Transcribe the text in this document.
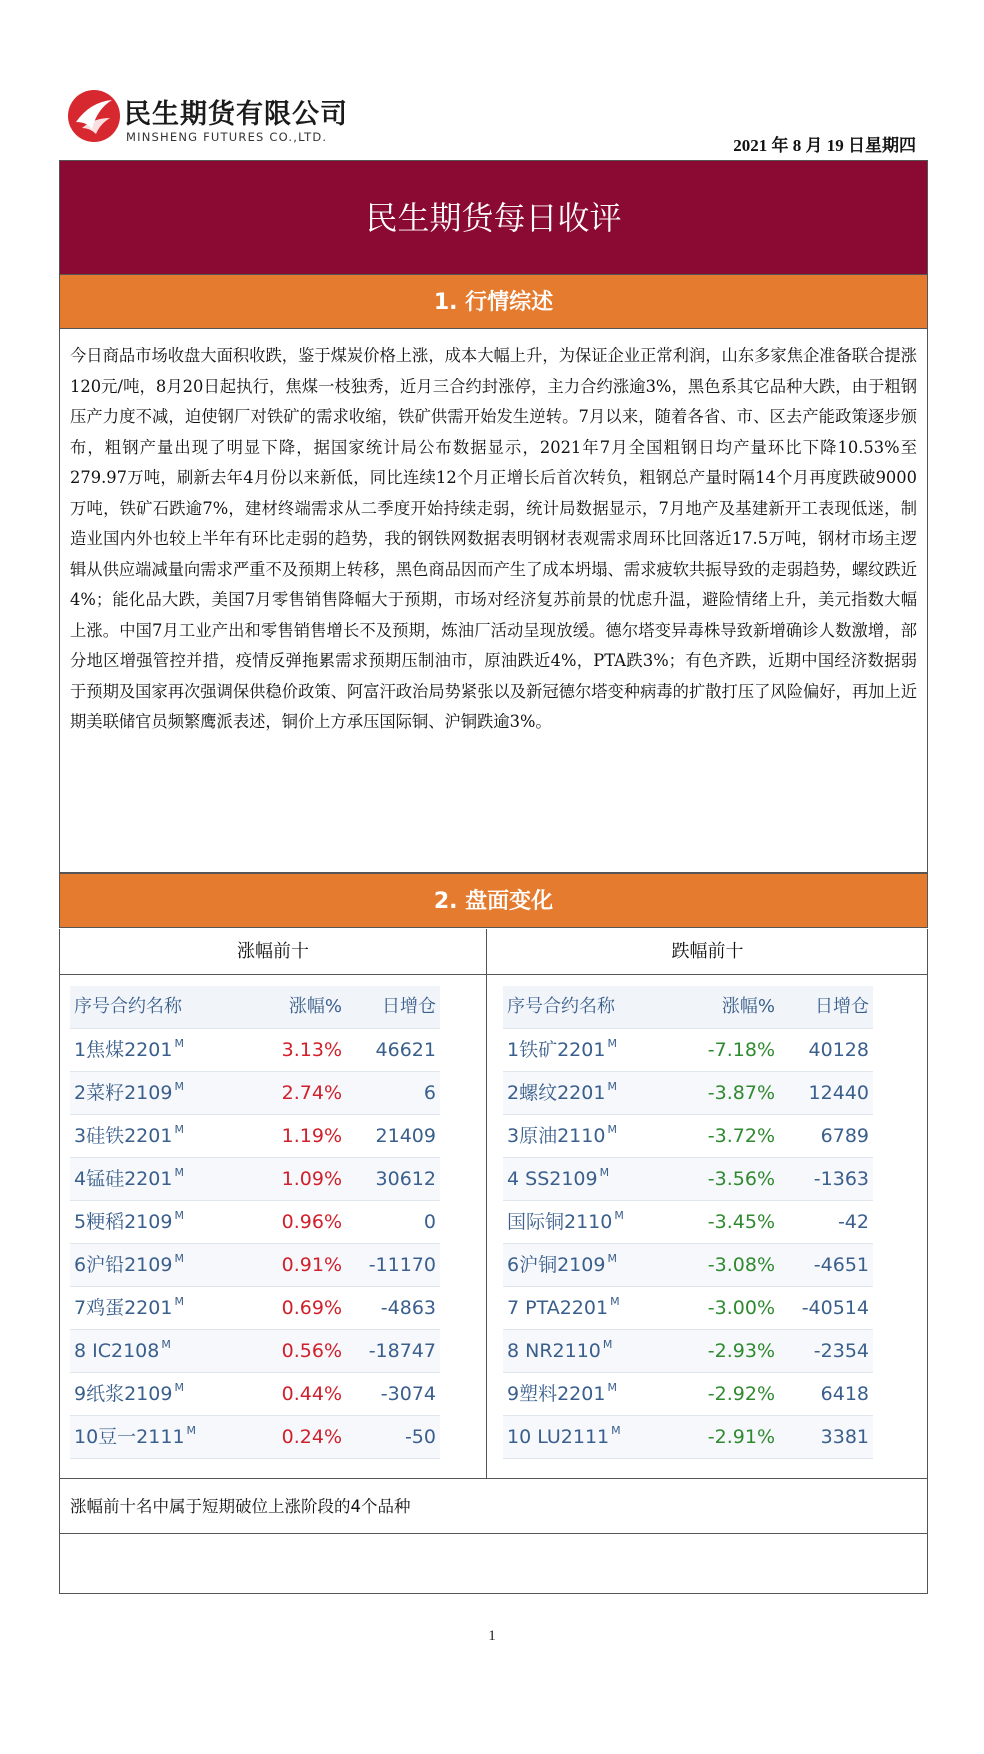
民生期货有限公司
MINSHENG FUTURES CO.,LTD.	2021 年 8 月 19 日星期四
民生期货每日收评
1. 行情综述
今日商品市场收盘大面积收跌，鉴于煤炭价格上涨，成本大幅上升，为保证企业正常利润，山东多家焦企准备联合提涨120元/吨，8月20日起执行，焦煤一枝独秀，近月三合约封涨停，主力合约涨逾3%，黑色系其它品种大跌，由于粗钢压产力度不减，迫使钢厂对铁矿的需求收缩，铁矿供需开始发生逆转。7月以来，随着各省、市、区去产能政策逐步颁布，粗钢产量出现了明显下降，据国家统计局公布数据显示，2021年7月全国粗钢日均产量环比下降10.53%至279.97万吨，刷新去年4月份以来新低，同比连续12个月正增长后首次转负，粗钢总产量时隔14个月再度跌破9000万吨，铁矿石跌逾7%，建材终端需求从二季度开始持续走弱，统计局数据显示，7月地产及基建新开工表现低迷，制造业国内外也较上半年有环比走弱的趋势，我的钢铁网数据表明钢材表观需求周环比回落近17.5万吨，钢材市场主逻辑从供应端减量向需求严重不及预期上转移，黑色商品因而产生了成本坍塌、需求疲软共振导致的走弱趋势，螺纹跌近4%；能化品大跌，美国7月零售销售降幅大于预期，市场对经济复苏前景的忧虑升温，避险情绪上升，美元指数大幅上涨。中国7月工业产出和零售销售增长不及预期，炼油厂活动呈现放缓。德尔塔变异毒株导致新增确诊人数激增，部分地区增强管控并措，疫情反弹拖累需求预期压制油市，原油跌近4%，PTA跌3%；有色齐跌，近期中国经济数据弱于预期及国家再次强调保供稳价政策、阿富汗政治局势紧张以及新冠德尔塔变种病毒的扩散打压了风险偏好，再加上近期美联储官员频繁鹰派表述，铜价上方承压国际铜、沪铜跌逾3%。
2. 盘面变化
涨幅前十	跌幅前十
序号合约名称	涨幅% 日增仓
1焦煤2201 $^M$	3.13% 46621
2菜籽2109 $^M$	2.74%	6
3硅铁2201 $^M$	1.19% 21409
4锰硅2201 $^M$	1.09% 30612
5粳稻2109 $^M$	0.96%	0
6沪铅2109 $^M$	0.91% -11170
7鸡蛋2201 $^M$	0.69% -4863
8 IC2108 $^M$	0.56% -18747
9纸浆2109 $^M$	0.44% -3074
10豆一2111 $^M$	0.24%	-50
序号合约名称	涨幅% 日增仓
1铁矿2201 $^M$	-7.18% 40128
2螺纹2201 $^M$	-3.87% 12440
3原油2110 $^M$	-3.72% 6789
4 SS2109 $^M$	-3.56% -1363
国际铜2110 $^M$	-3.45%	-42
6沪铜2109 $^M$	-3.08% -4651
7 PTA2201 $^M$	-3.00% -40514
8 NR2110 $^M$	-2.93% -2354
9塑料2201 $^M$	-2.92% 6418
10 LU2111 $^M$	-2.91% 3381
涨幅前十名中属于短期破位上涨阶段的4个品种
1
